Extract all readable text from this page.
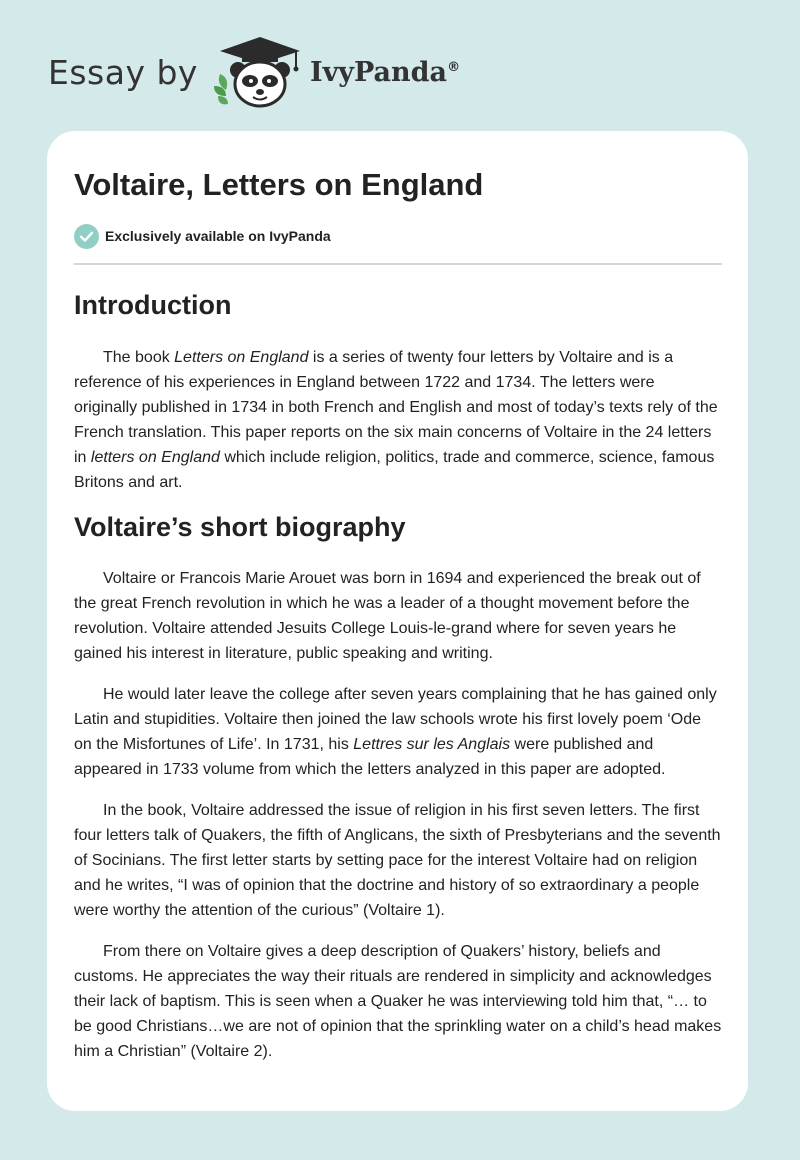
Essay by	IvyPanda®
Voltaire, Letters on England
Exclusively available on IvyPanda
Introduction

The book Letters on England is a series of twenty four letters by Voltaire and is a reference of his experiences in England between 1722 and 1734. The letters were originally published in 1734 in both French and English and most of today’s texts rely of the French translation. This paper reports on the six main concerns of Voltaire in the 24 letters in letters on England which include religion, politics, trade and commerce, science, famous Britons and art.

Voltaire’s short biography

Voltaire or Francois Marie Arouet was born in 1694 and experienced the break out of the great French revolution in which he was a leader of a thought movement before the revolution. Voltaire attended Jesuits College Louis-le-grand where for seven years he gained his interest in literature, public speaking and writing.

He would later leave the college after seven years complaining that he has gained only Latin and stupidities. Voltaire then joined the law schools wrote his first lovely poem ‘Ode on the Misfortunes of Life’. In 1731, his Lettres sur les Anglais were published and appeared in 1733 volume from which the letters analyzed in this paper are adopted.

In the book, Voltaire addressed the issue of religion in his first seven letters. The first four letters talk of Quakers, the fifth of Anglicans, the sixth of Presbyterians and the seventh of Socinians. The first letter starts by setting pace for the interest Voltaire had on religion and he writes, “I was of opinion that the doctrine and history of so extraordinary a people were worthy the attention of the curious” (Voltaire 1).

From there on Voltaire gives a deep description of Quakers’ history, beliefs and customs. He appreciates the way their rituals are rendered in simplicity and acknowledges their lack of baptism. This is seen when a Quaker he was interviewing told him that, “… to be good Christians…we are not of opinion that the sprinkling water on a child’s head makes him a Christian” (Voltaire 2).
